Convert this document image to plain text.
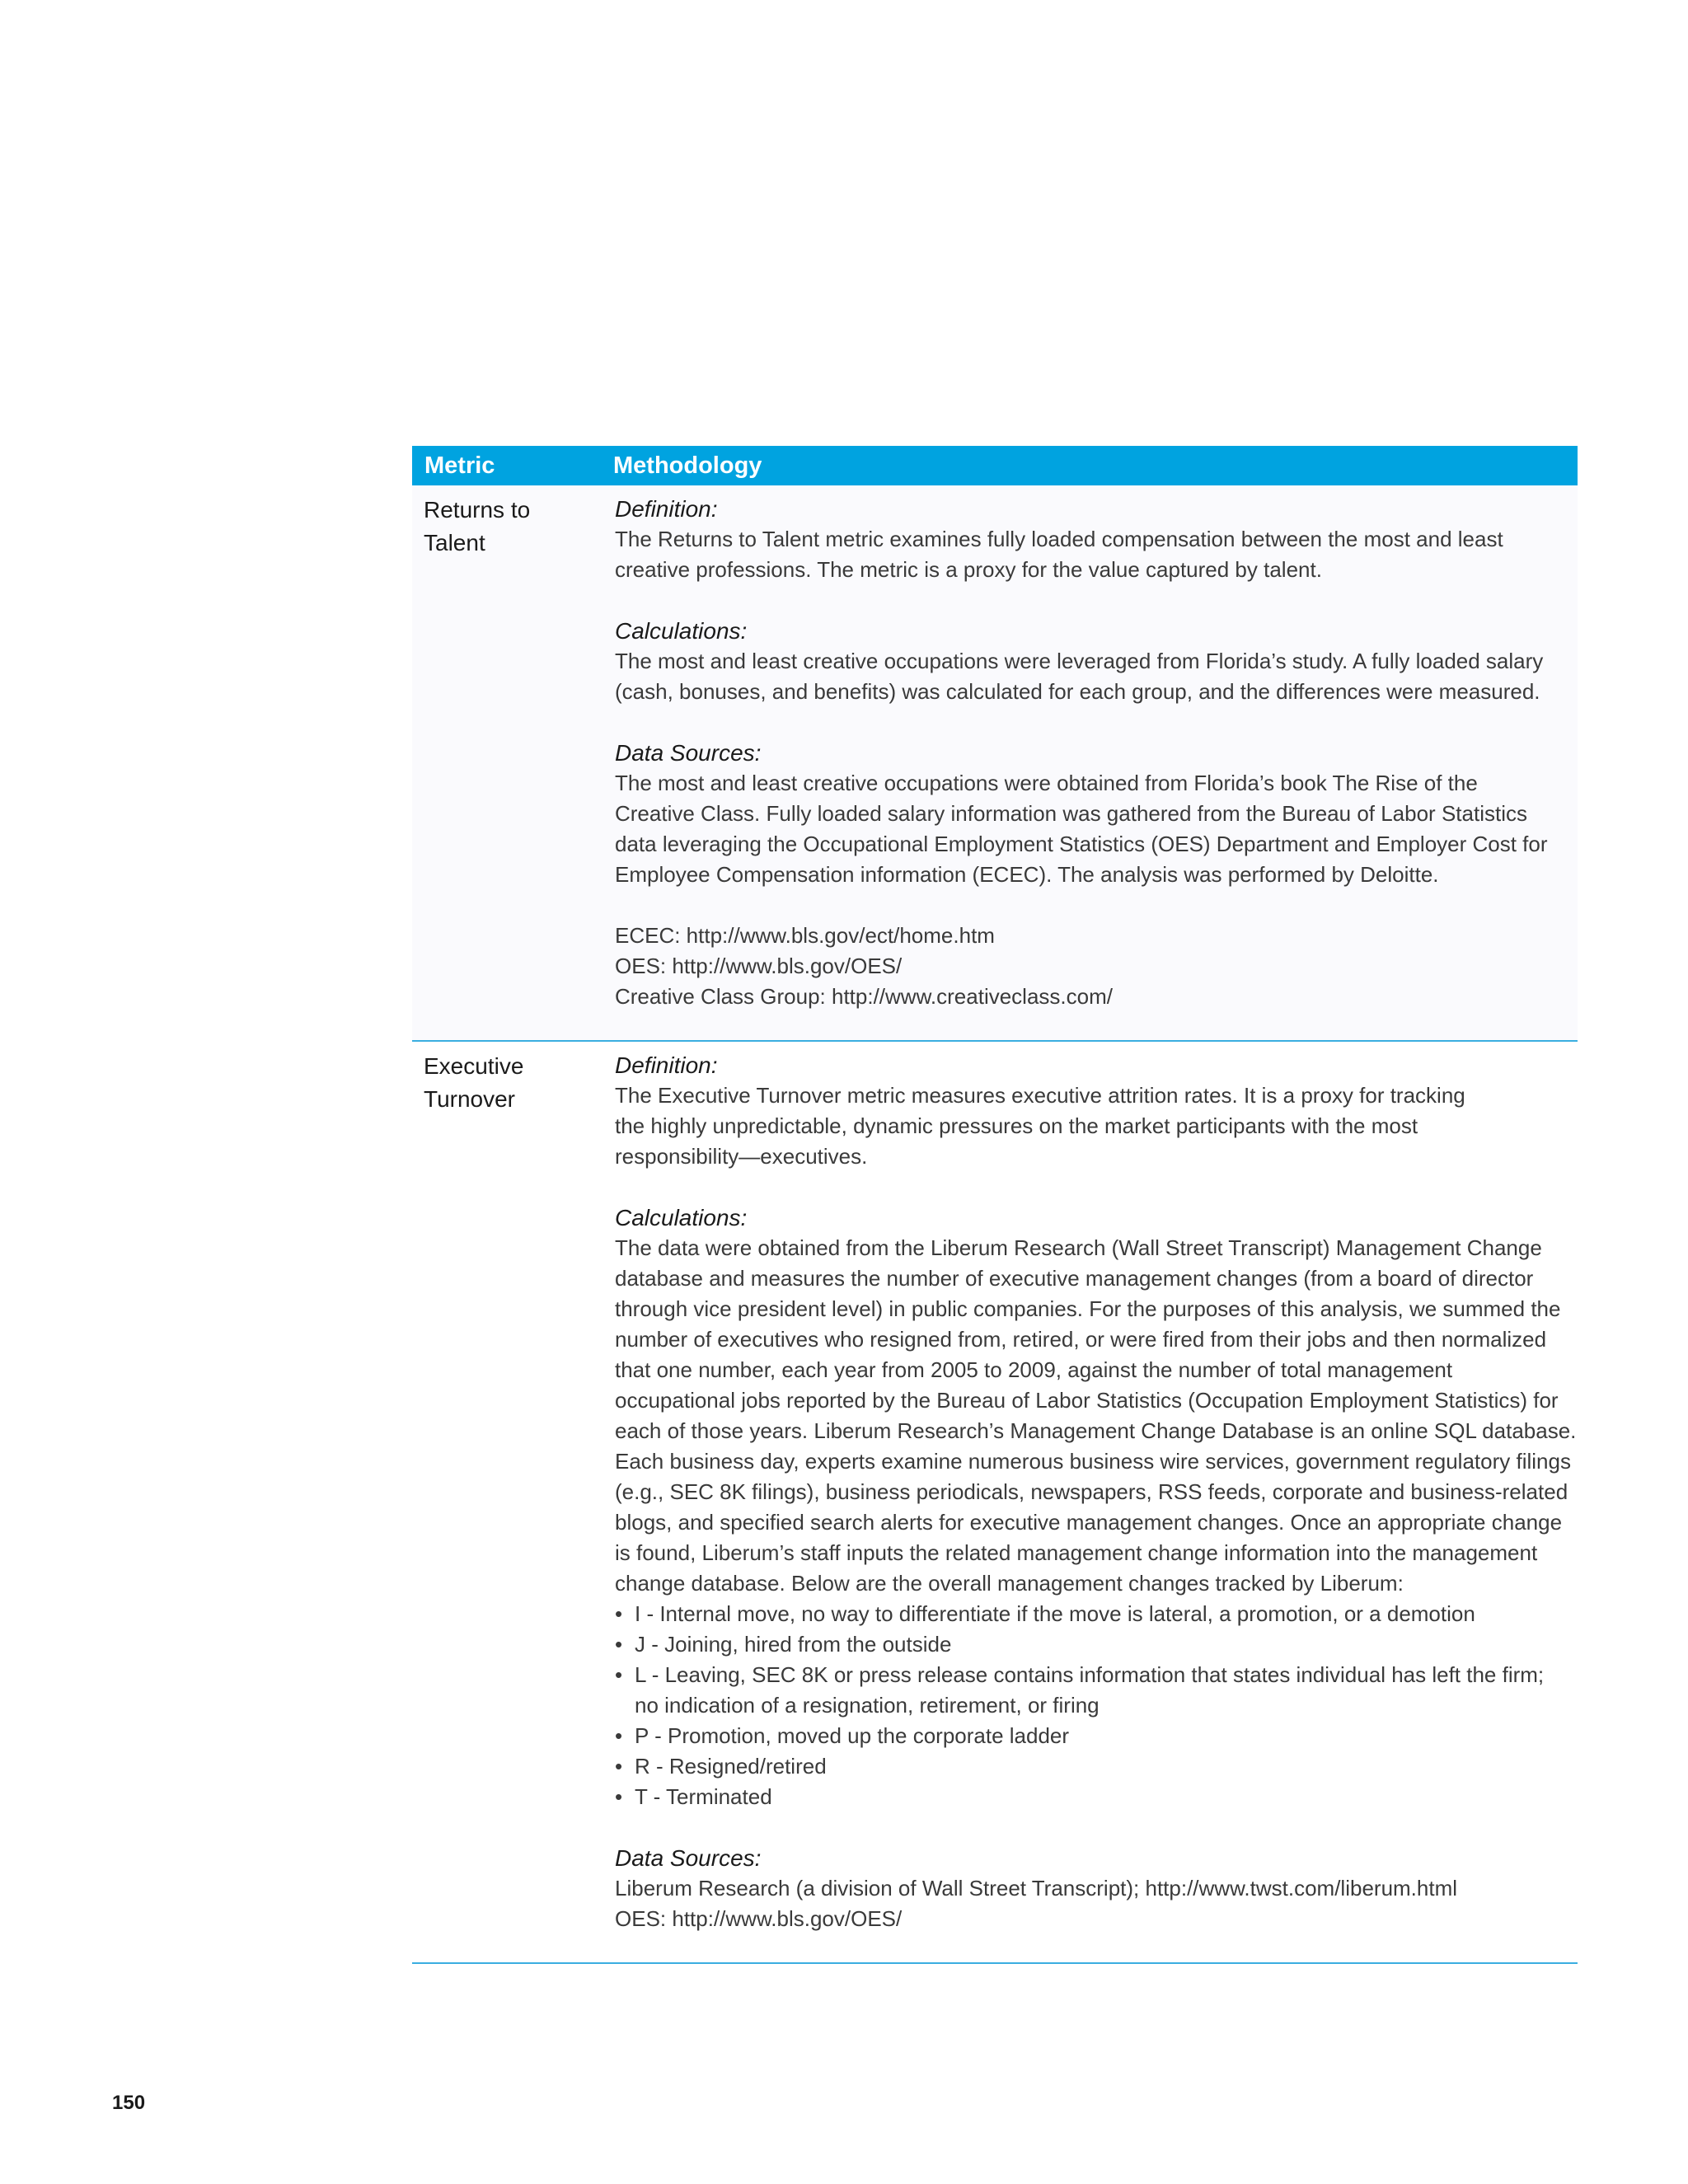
Metric	Methodology
Returns to
Talent
Definition:

The Returns to Talent metric examines fully loaded compensation between the most and least

creative professions. The metric is a proxy for the value captured by talent.

Calculations:

The most and least creative occupations were leveraged from Florida’s study. A fully loaded salary

(cash, bonuses, and benefits) was calculated for each group, and the differences were measured.

Data Sources:

The most and least creative occupations were obtained from Florida’s book The Rise of the

Creative Class. Fully loaded salary information was gathered from the Bureau of Labor Statistics

data leveraging the Occupational Employment Statistics (OES) Department and Employer Cost for

Employee Compensation information (ECEC). The analysis was performed by Deloitte.

ECEC: http://www.bls.gov/ect/home.htm

OES: http://www.bls.gov/OES/

Creative Class Group: http://www.creativeclass.com/

Executive
Turnover
Definition:

The Executive Turnover metric measures executive attrition rates. It is a proxy for tracking

the highly unpredictable, dynamic pressures on the market participants with the most

responsibility—executives.

Calculations:

The data were obtained from the Liberum Research (Wall Street Transcript) Management Change

database and measures the number of executive management changes (from a board of director

through vice president level) in public companies. For the purposes of this analysis, we summed the

number of executives who resigned from, retired, or were fired from their jobs and then normalized

that one number, each year from 2005 to 2009, against the number of total management

occupational jobs reported by the Bureau of Labor Statistics (Occupation Employment Statistics) for

each of those years. Liberum Research’s Management Change Database is an online SQL database.

Each business day, experts examine numerous business wire services, government regulatory filings

(e.g., SEC 8K filings), business periodicals, newspapers, RSS feeds, corporate and business-related

blogs, and specified search alerts for executive management changes. Once an appropriate change

is found, Liberum’s staff inputs the related management change information into the management

change database. Below are the overall management changes tracked by Liberum:

• I - Internal move, no way to differentiate if the move is lateral, a promotion, or a demotion
• J - Joining, hired from the outside
• L - Leaving, SEC 8K or press release contains information that states individual has left the firm;
no indication of a resignation, retirement, or firing
• P - Promotion, moved up the corporate ladder
• R - Resigned/retired
• T - Terminated
Data Sources:

Liberum Research (a division of Wall Street Transcript); http://www.twst.com/liberum.html

OES: http://www.bls.gov/OES/

150
